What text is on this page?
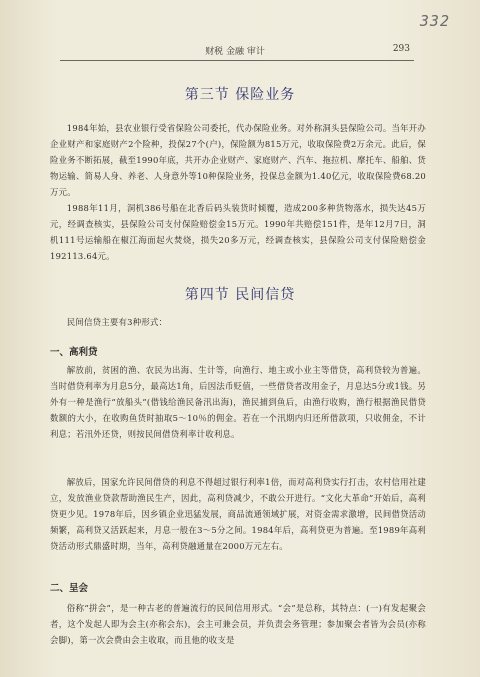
332
财税 金融 审计	293
第三节 保险业务

1984年始，县农业银行受省保险公司委托，代办保险业务。对外称洞头县保险公司。当年开办企业财产和家庭财产2个险种，投保27个(户)，保险额为815万元，收取保险费2万余元。此后，保险业务不断拓展，截至1990年底，共开办企业财产、家庭财产、汽车、拖拉机、摩托车、船舶、货物运输、简易人身、养老、人身意外等10种保险业务，投保总金额为1.40亿元，收取保险费68.20万元。

1988年11月，洞机386号船在北香后码头装货时倾覆，造成200多种货物落水，损失达45万元，经调查核实，县保险公司支付保险赔偿金15万元。1990年共赔偿151件，是年12月7日，洞机111号运输船在椒江海面起火焚烧，损失20多万元，经调查核实，县保险公司支付保险赔偿金192113.64元。

第四节 民间信贷

民间信贷主要有3种形式：

一、高利贷

解放前，贫困的渔、农民为出海、生计等，向渔行、地主或小业主等借贷，高利贷较为普遍。当时借贷利率为月息5分，最高达1角，后因法币贬值，一些借贷者改用金子，月息达5分或1钱。另外有一种是渔行“放船头”(借钱给渔民备汛出海)，渔民捕到鱼后，由渔行收购，渔行根据渔民借贷数额的大小，在收购鱼货时抽取5～10％的佣金。若在一个汛期内归还所借款项，只收佣金，不计利息；若汛外还贷，则按民间借贷利率计收利息。

解放后，国家允许民间借贷的利息不得超过银行利率1倍，而对高利贷实行打击，农村信用社建立，发放渔业贷款帮助渔民生产，因此，高利贷减少，不敢公开进行。“文化大革命”开始后，高利贷更少见。1978年后，因乡镇企业迅猛发展，商品流通领域扩展，对资金需求激增，民间借贷活动频繁，高利贷又活跃起来，月息一般在3～5分之间。1984年后，高利贷更为普遍。至1989年高利贷活动形式鼎盛时期，当年，高利贷融通量在2000万元左右。

二、呈会

俗称“拼会”，是一种古老的普遍流行的民间信用形式。“会”是总称，其特点：(一)有发起聚会者，这个发起人即为会主(亦称会东)，会主可兼会员，并负责会务管理；参加聚会者皆为会员(亦称会脚)，第一次会费由会主收取，而且他的收支是
